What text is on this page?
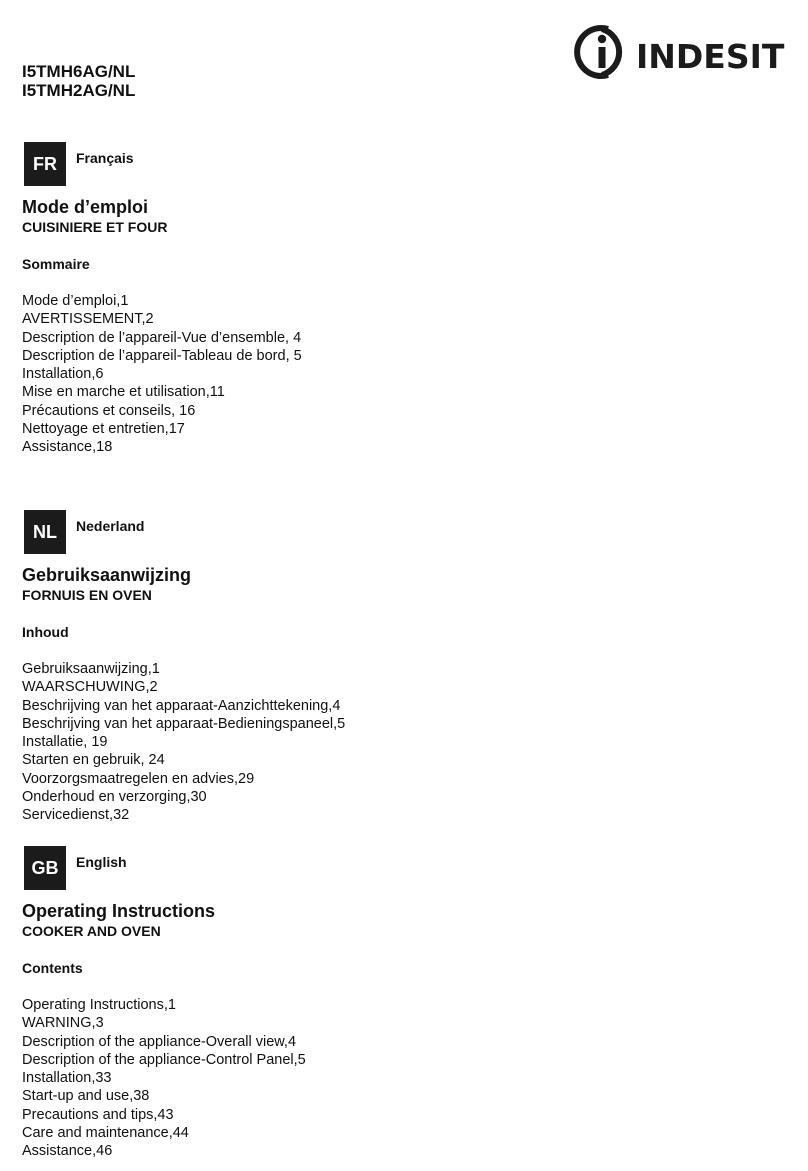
I5TMH6AG/NL
I5TMH2AG/NL
INDESIT
FR	Français
Mode d’emploi
CUISINIERE ET FOUR
Sommaire
Mode d’emploi,1
AVERTISSEMENT,2
Description de l’appareil-Vue d’ensemble, 4
Description de l’appareil-Tableau de bord, 5
Installation,6
Mise en marche et utilisation,11
Précautions et conseils, 16
Nettoyage et entretien,17
Assistance,18
NL	Nederland
Gebruiksaanwijzing
FORNUIS EN OVEN
Inhoud
Gebruiksaanwijzing,1
WAARSCHUWING,2
Beschrijving van het apparaat-Aanzichttekening,4
Beschrijving van het apparaat-Bedieningspaneel,5
Installatie, 19
Starten en gebruik, 24
Voorzorgsmaatregelen en advies,29
Onderhoud en verzorging,30
Servicedienst,32
GB	English
Operating Instructions
COOKER AND OVEN
Contents
Operating Instructions,1
WARNING,3
Description of the appliance-Overall view,4
Description of the appliance-Control Panel,5
Installation,33
Start-up and use,38
Precautions and tips,43
Care and maintenance,44
Assistance,46
